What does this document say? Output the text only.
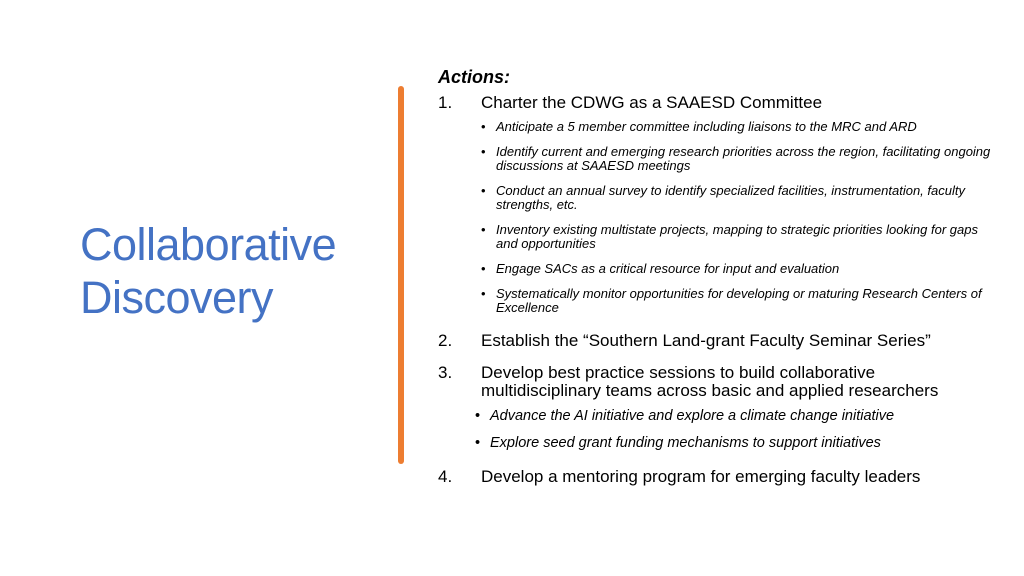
Collaborative
Discovery
Actions:
1.	Charter the CDWG as a SAAESD Committee
• Anticipate a 5 member committee including liaisons to the MRC and ARD
• Identify current and emerging research priorities across the region, facilitating ongoing discussions at SAAESD meetings
• Conduct an annual survey to identify specialized facilities, instrumentation, faculty strengths, etc.
• Inventory existing multistate projects, mapping to strategic priorities looking for gaps and opportunities
• Engage SACs as a critical resource for input and evaluation
• Systematically monitor opportunities for developing or maturing Research Centers of Excellence
2.	Establish the “Southern Land-grant Faculty Seminar Series”
3.	Develop best practice sessions to build collaborative multidisciplinary teams across basic and applied researchers
• Advance the AI initiative and explore a climate change initiative
• Explore seed grant funding mechanisms to support initiatives
4.	Develop a mentoring program for emerging faculty leaders
